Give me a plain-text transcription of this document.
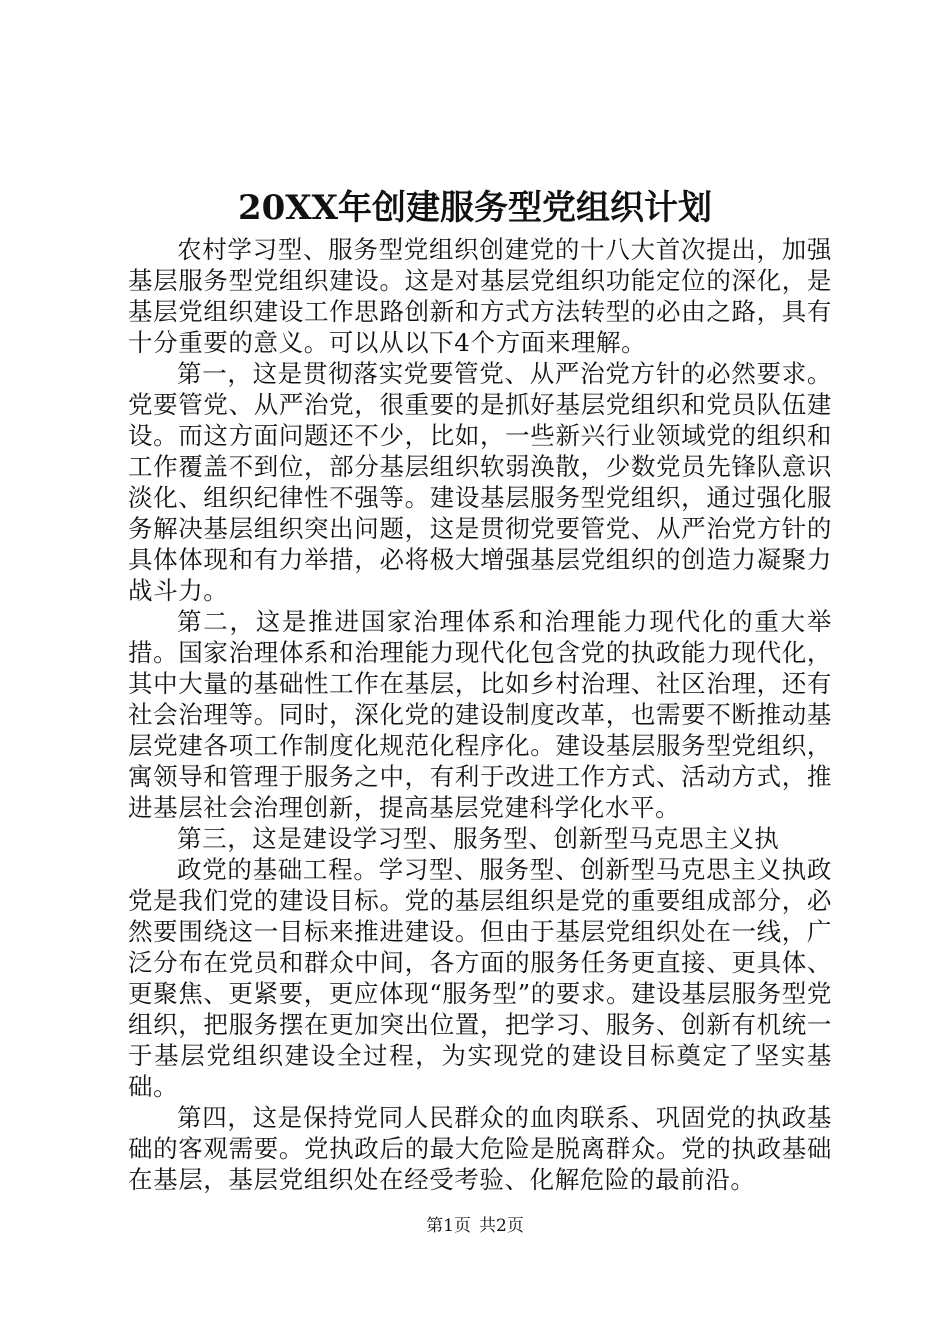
20XX年创建服务型党组织计划

农村学习型、服务型党组织创建党的十八大首次提出，加强基层服务型党组织建设。这是对基层党组织功能定位的深化，是基层党组织建设工作思路创新和方式方法转型的必由之路，具有十分重要的意义。可以从以下4个方面来理解。

第一，这是贯彻落实党要管党、从严治党方针的必然要求。党要管党、从严治党，很重要的是抓好基层党组织和党员队伍建设。而这方面问题还不少，比如，一些新兴行业领域党的组织和工作覆盖不到位，部分基层组织软弱涣散，少数党员先锋队意识淡化、组织纪律性不强等。建设基层服务型党组织，通过强化服务解决基层组织突出问题，这是贯彻党要管党、从严治党方针的具体体现和有力举措，必将极大增强基层党组织的创造力凝聚力战斗力。

第二，这是推进国家治理体系和治理能力现代化的重大举措。国家治理体系和治理能力现代化包含党的执政能力现代化，其中大量的基础性工作在基层，比如乡村治理、社区治理，还有社会治理等。同时，深化党的建设制度改革，也需要不断推动基层党建各项工作制度化规范化程序化。建设基层服务型党组织，寓领导和管理于服务之中，有利于改进工作方式、活动方式，推进基层社会治理创新，提高基层党建科学化水平。

第三，这是建设学习型、服务型、创新型马克思主义执

政党的基础工程。学习型、服务型、创新型马克思主义执政党是我们党的建设目标。党的基层组织是党的重要组成部分，必然要围绕这一目标来推进建设。但由于基层党组织处在一线，广泛分布在党员和群众中间，各方面的服务任务更直接、更具体、更聚焦、更紧要，更应体现“服务型”的要求。建设基层服务型党组织，把服务摆在更加突出位置，把学习、服务、创新有机统一于基层党组织建设全过程，为实现党的建设目标奠定了坚实基础。

第四，这是保持党同人民群众的血肉联系、巩固党的执政基础的客观需要。党执政后的最大危险是脱离群众。党的执政基础在基层，基层党组织处在经受考验、化解危险的最前沿。

第1页 共2页
